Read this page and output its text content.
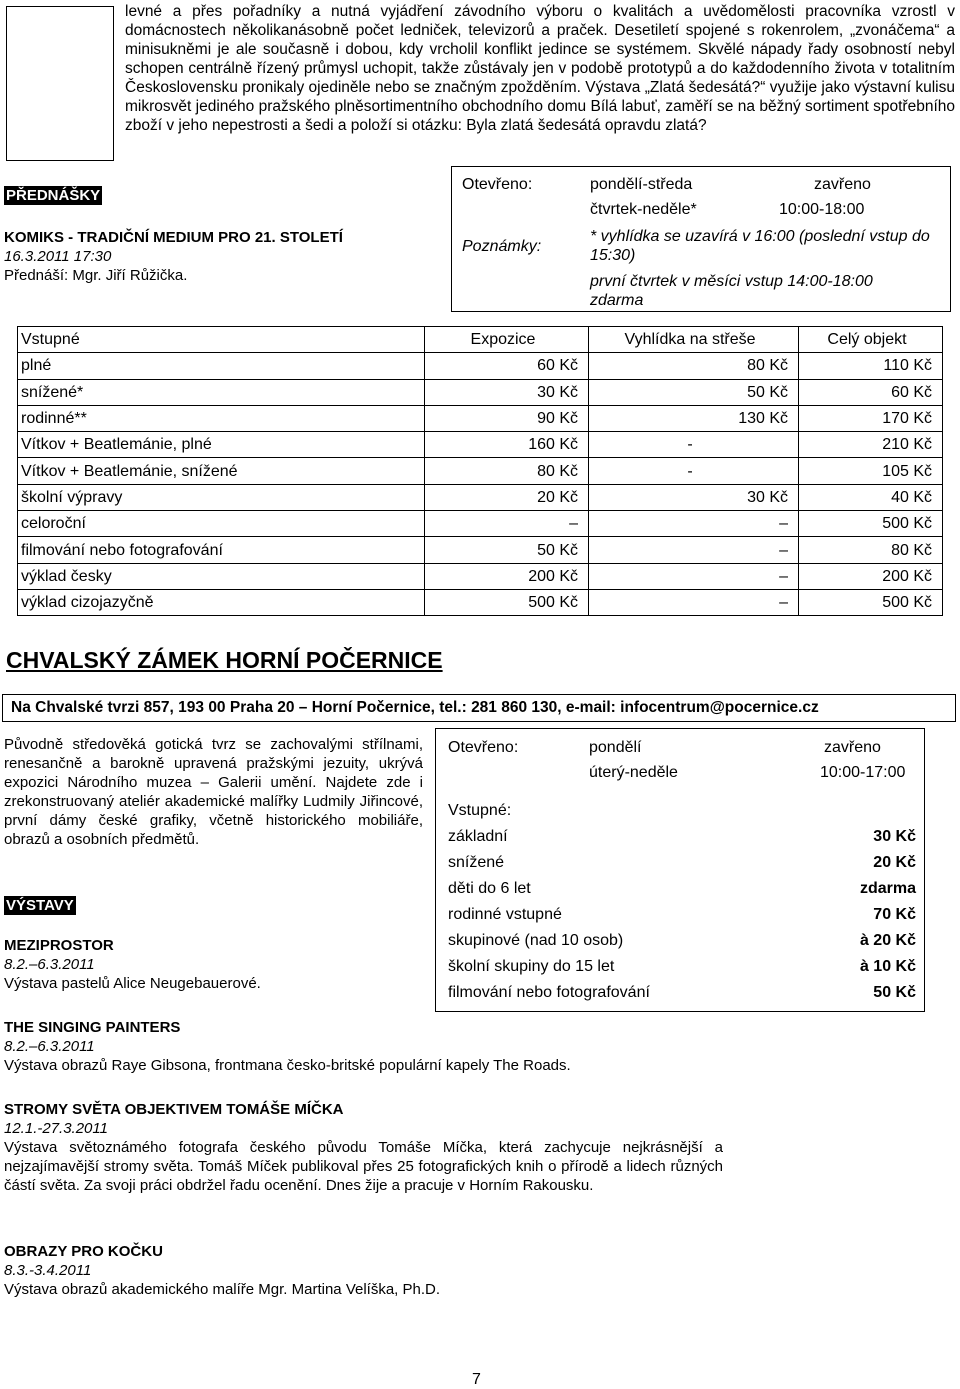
levné a přes pořadníky a nutná vyjádření závodního výboru o kvalitách a uvědomělosti pracovníka vzrostl v domácnostech několikanásobně počet ledniček, televizorů a praček. Desetiletí spojené s rokenrolem, „zvonáčema“ a minisukněmi je ale současně i dobou, kdy vrcholil konflikt jedince se systémem. Skvělé nápady řady osobností nebyl schopen centrálně řízený průmysl uchopit, takže zůstávaly jen v podobě prototypů a do každodenního života v totalitním Československu pronikaly ojediněle nebo se značným zpožděním. Výstava „Zlatá šedesátá?“ využije jako výstavní kulisu mikrosvět jediného pražského plněsortimentního obchodního domu Bílá labuť, zaměří se na běžný sortiment spotřebního zboží v jeho nepestrosti a šedi a položí si otázku: Byla zlatá šedesátá opravdu zlatá?

PŘEDNÁŠKY
KOMIKS - TRADIČNÍ MEDIUM PRO 21. STOLETÍ
16.3.2011 17:30
Přednáší: Mgr. Jiří Růžička.
Otevřeno:	pondělí-středa	zavřeno
čtvrtek-neděle*	10:00-18:00
Poznámky:
* vyhlídka se uzavírá v 16:00 (poslední vstup do 15:30)
první čtvrtek v měsíci vstup 14:00-18:00 zdarma
Vstupné	Expozice	Vyhlídka na střeše	Celý objekt
plné	60 Kč	80 Kč	110 Kč
snížené*	30 Kč	50 Kč	60 Kč
rodinné**	90 Kč	130 Kč	170 Kč
Vítkov + Beatlemánie, plné	160 Kč	-	210 Kč
Vítkov + Beatlemánie, snížené	80 Kč	-	105 Kč
školní výpravy	20 Kč	30 Kč	40 Kč
celoroční	–	–	500 Kč
filmování nebo fotografování	50 Kč	–	80 Kč
výklad česky	200 Kč	–	200 Kč
výklad cizojazyčně	500 Kč	–	500 Kč
CHVALSKÝ ZÁMEK HORNÍ POČERNICE
Na Chvalské tvrzi 857, 193 00 Praha 20 – Horní Počernice, tel.: 281 860 130, e-mail: infocentrum@pocernice.cz

Původně středověká gotická tvrz se zachovalými střílnami, renesančně a barokně upravená pražskými jezuity, ukrývá expozici Národního muzea – Galerii umění. Najdete zde i zrekonstruovaný ateliér akademické malířky Ludmily Jiřincové, první dámy české grafiky, včetně historického mobiliáře, obrazů a osobních předmětů.

Otevřeno:	pondělí	zavřeno
úterý-neděle	10:00-17:00
Vstupné:
základní	30 Kč
snížené	20 Kč
děti do 6 let	zdarma
rodinné vstupné	70 Kč
skupinové (nad 10 osob)	à 20 Kč
školní skupiny do 15 let	à 10 Kč
filmování nebo fotografování	50 Kč
VÝSTAVY
MEZIPROSTOR
8.2.–6.3.2011
Výstava pastelů Alice Neugebauerové.
THE SINGING PAINTERS
8.2.–6.3.2011
Výstava obrazů Raye Gibsona, frontmana česko-britské populární kapely The Roads.
STROMY SVĚTA OBJEKTIVEM TOMÁŠE MÍČKA
12.1.-27.3.2011

Výstava světoznámého fotografa českého původu Tomáše Míčka, která zachycuje nejkrásnější a nejzajímavější stromy světa. Tomáš Míček publikoval přes 25 fotografických knih o přírodě a lidech různých částí světa. Za svoji práci obdržel řadu ocenění. Dnes žije a pracuje v Horním Rakousku.

OBRAZY PRO KOČKU
8.3.-3.4.2011
Výstava obrazů akademického malíře Mgr. Martina Velíška, Ph.D.
7
